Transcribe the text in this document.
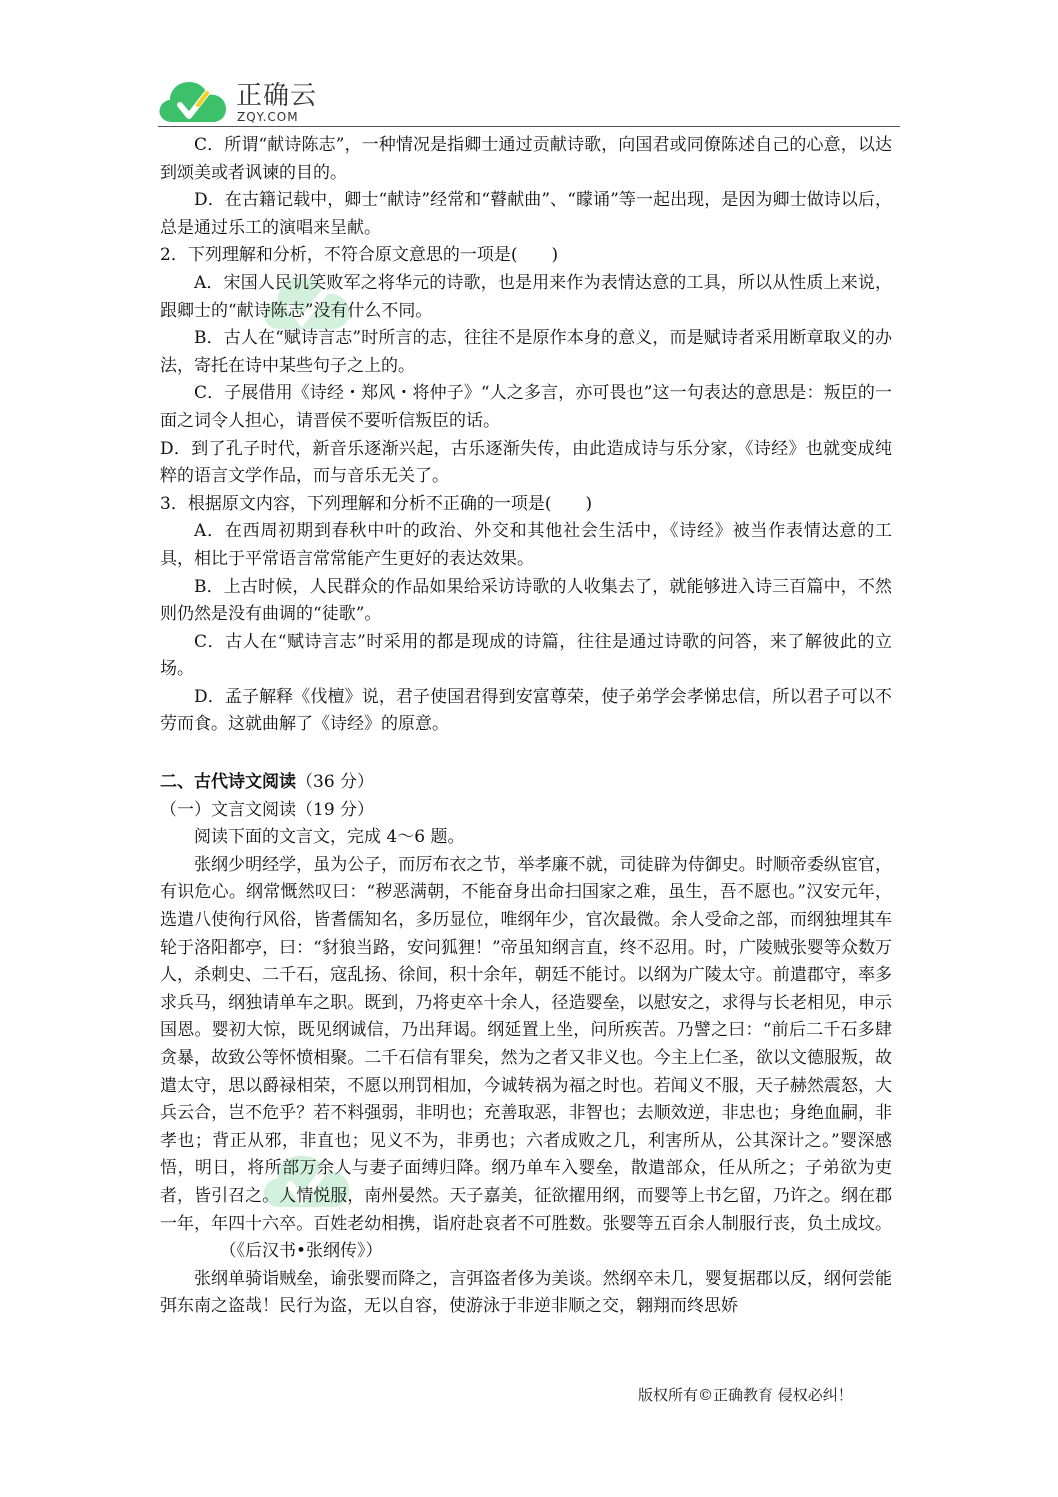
正确云
ZQY.COM

C．所谓“献诗陈志”，一种情况是指卿士通过贡献诗歌，向国君或同僚陈述自己的心意，以达到颂美或者讽谏的目的。

D．在古籍记载中，卿士“献诗”经常和“瞽献曲”、“矇诵”等一起出现，是因为卿士做诗以后，总是通过乐工的演唱来呈献。

2．下列理解和分析，不符合原文意思的一项是(　　)

A．宋国人民讥笑败军之将华元的诗歌，也是用来作为表情达意的工具，所以从性质上来说，跟卿士的“献诗陈志”没有什么不同。

B．古人在“赋诗言志”时所言的志，往往不是原作本身的意义，而是赋诗者采用断章取义的办法，寄托在诗中某些句子之上的。

C．子展借用《诗经・郑风・将仲子》“人之多言，亦可畏也”这一句表达的意思是：叛臣的一面之词令人担心，请晋侯不要听信叛臣的话。

D．到了孔子时代，新音乐逐渐兴起，古乐逐渐失传，由此造成诗与乐分家，《诗经》也就变成纯粹的语言文学作品，而与音乐无关了。

3．根据原文内容，下列理解和分析不正确的一项是(　　)

A．在西周初期到春秋中叶的政治、外交和其他社会生活中，《诗经》被当作表情达意的工具，相比于平常语言常常能产生更好的表达效果。

B．上古时候，人民群众的作品如果给采访诗歌的人收集去了，就能够进入诗三百篇中，不然则仍然是没有曲调的“徒歌”。

C．古人在“赋诗言志”时采用的都是现成的诗篇，往往是通过诗歌的问答，来了解彼此的立场。

D．孟子解释《伐檀》说，君子使国君得到安富尊荣，使子弟学会孝悌忠信，所以君子可以不劳而食。这就曲解了《诗经》的原意。

二、古代诗文阅读（36 分）

（一）文言文阅读（19 分）

阅读下面的文言文，完成 4～6 题。

张纲少明经学，虽为公子，而厉布衣之节，举孝廉不就，司徒辟为侍御史。时顺帝委纵宦官，有识危心。纲常慨然叹曰：“秽恶满朝，不能奋身出命扫国家之难，虽生，吾不愿也。”汉安元年，选遣八使徇行风俗，皆耆儒知名，多历显位，唯纲年少，官次最微。余人受命之部，而纲独埋其车轮于洛阳都亭，曰：“豺狼当路，安问狐狸！”帝虽知纲言直，终不忍用。时，广陵贼张婴等众数万人，杀刺史、二千石，寇乱扬、徐间，积十余年，朝廷不能讨。以纲为广陵太守。前遣郡守，率多求兵马，纲独请单车之职。既到，乃将吏卒十余人，径造婴垒，以慰安之，求得与长老相见，申示国恩。婴初大惊，既见纲诚信，乃出拜谒。纲延置上坐，问所疾苦。乃譬之曰：“前后二千石多肆贪暴，故致公等怀愤相聚。二千石信有罪矣，然为之者又非义也。今主上仁圣，欲以文德服叛，故遣太守，思以爵禄相荣，不愿以刑罚相加，今诚转祸为福之时也。若闻义不服，天子赫然震怒，大兵云合，岂不危乎？若不料强弱，非明也；充善取恶，非智也；去顺效逆，非忠也；身绝血嗣，非孝也；背正从邪，非直也；见义不为，非勇也；六者成败之几，利害所从，公其深计之。”婴深感悟，明日，将所部万余人与妻子面缚归降。纲乃单车入婴垒，散遣部众，任从所之；子弟欲为吏者，皆引召之。人情悦服，南州晏然。天子嘉美，征欲擢用纲，而婴等上书乞留，乃许之。纲在郡一年，年四十六卒。百姓老幼相携，诣府赴哀者不可胜数。张婴等五百余人制服行丧，负土成坟。（《后汉书•张纲传》）

张纲单骑诣贼垒，谕张婴而降之，言弭盗者侈为美谈。然纲卒未几，婴复据郡以反，纲何尝能弭东南之盗哉！民行为盗，无以自容，使游泳于非逆非顺之交，翱翔而终思娇

版权所有©正确教育 侵权必纠！
